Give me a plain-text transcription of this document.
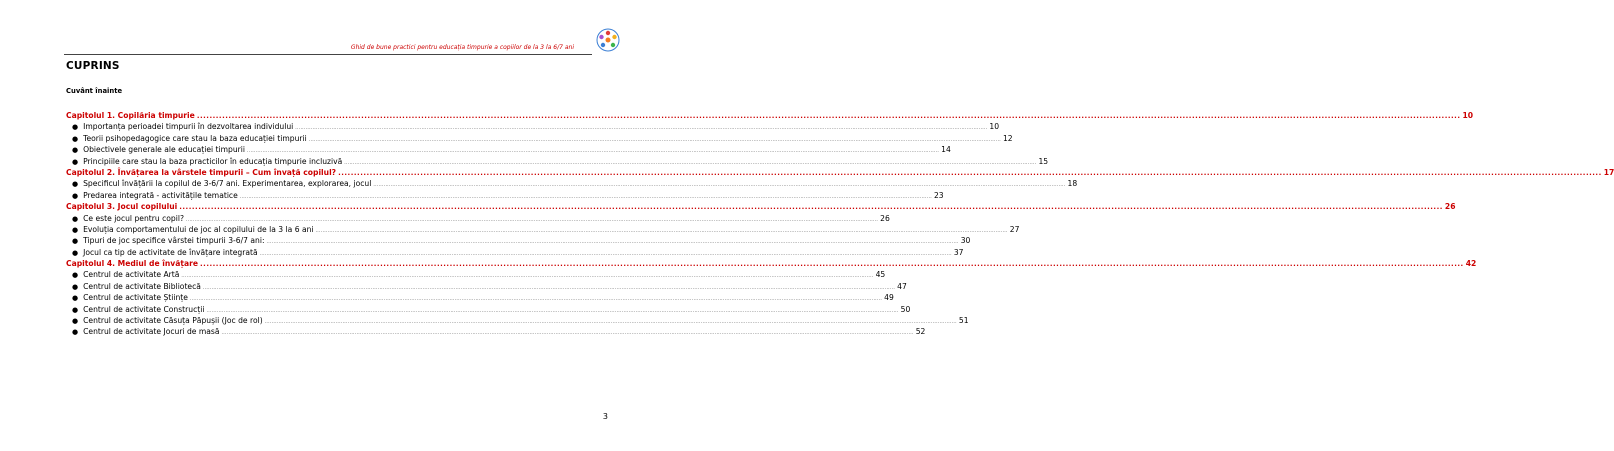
Ghid de bune practici pentru educația timpurie a copiilor de la 3 la 6/7 ani
CUPRINS
Cuvânt înainte
Capitolul 1. Copilăria timpurie ................................................................................................................................................................................................................................................................................................................................................................................................................ 10
● Importanța perioadei timpurii în dezvoltarea individului ................................................................................................................................................................................................................................................................................................................................................................................................................ 10
● Teorii psihopedagogice care stau la baza educației timpurii ................................................................................................................................................................................................................................................................................................................................................................................................................ 12
● Obiectivele generale ale educației timpurii ................................................................................................................................................................................................................................................................................................................................................................................................................ 14
● Principiile care stau la baza practicilor în educația timpurie incluzivă ................................................................................................................................................................................................................................................................................................................................................................................................................ 15
Capitolul 2. Învățarea la vârstele timpurii – Cum învață copilul? ................................................................................................................................................................................................................................................................................................................................................................................................................ 17
● Specificul învățării la copilul de 3-6/7 ani. Experimentarea, explorarea, jocul ................................................................................................................................................................................................................................................................................................................................................................................................................ 18
● Predarea integrată - activitățile tematice ................................................................................................................................................................................................................................................................................................................................................................................................................ 23
Capitolul 3. Jocul copilului ................................................................................................................................................................................................................................................................................................................................................................................................................ 26
● Ce este jocul pentru copil? ................................................................................................................................................................................................................................................................................................................................................................................................................ 26
● Evoluția comportamentului de joc al copilului de la 3 la 6 ani ................................................................................................................................................................................................................................................................................................................................................................................................................ 27
● Tipuri de joc specifice vârstei timpurii 3-6/7 ani: ................................................................................................................................................................................................................................................................................................................................................................................................................ 30
● Jocul ca tip de activitate de învățare integrată ................................................................................................................................................................................................................................................................................................................................................................................................................ 37
Capitolul 4. Mediul de învățare ................................................................................................................................................................................................................................................................................................................................................................................................................ 42
● Centrul de activitate Artă ................................................................................................................................................................................................................................................................................................................................................................................................................ 45
● Centrul de activitate Bibliotecă ................................................................................................................................................................................................................................................................................................................................................................................................................ 47
● Centrul de activitate Științe ................................................................................................................................................................................................................................................................................................................................................................................................................ 49
● Centrul de activitate Construcții ................................................................................................................................................................................................................................................................................................................................................................................................................ 50
● Centrul de activitate Căsuța Păpușii (Joc de rol) ................................................................................................................................................................................................................................................................................................................................................................................................................ 51
● Centrul de activitate Jocuri de masă ................................................................................................................................................................................................................................................................................................................................................................................................................ 52
3
